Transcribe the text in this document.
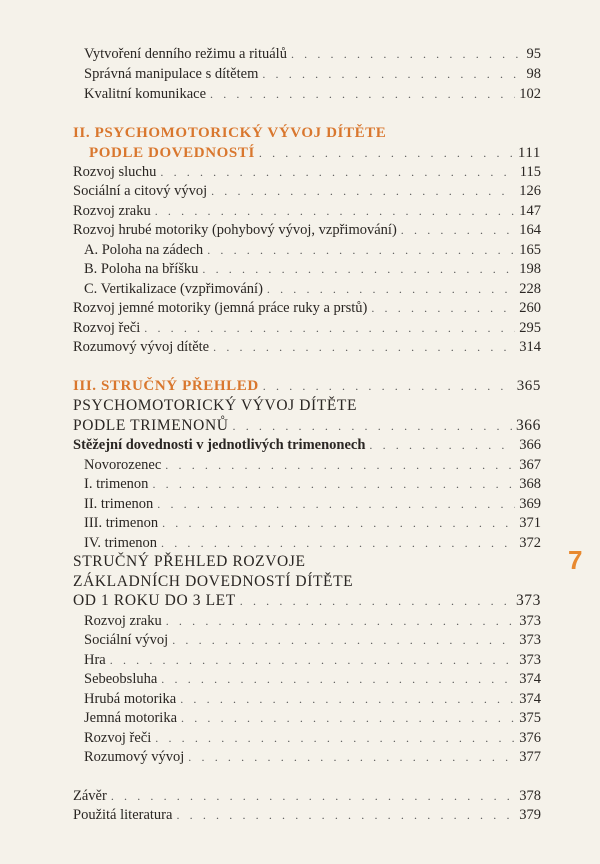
Vytvoření denního režimu a rituálů . . .	95
Správná manipulace s dítětem . . .	98
Kvalitní komunikace . . .	102
II. PSYCHOMOTORICKÝ VÝVOJ DÍTĚTE
PODLE DOVEDNOSTÍ . . .	111
Rozvoj sluchu . . .	115
Sociální a citový vývoj . . .	126
Rozvoj zraku . . .	147
Rozvoj hrubé motoriky (pohybový vývoj, vzpřimování) . . .	164
A. Poloha na zádech . . .	165
B. Poloha na bříšku . . .	198
C. Vertikalizace (vzpřimování) . . .	228
Rozvoj jemné motoriky (jemná práce ruky a prstů) . . .	260
Rozvoj řeči . . .	295
Rozumový vývoj dítěte . . .	314
III. STRUČNÝ PŘEHLED . . .	365
PSYCHOMOTORICKÝ VÝVOJ DÍTĚTE
PODLE TRIMENONŮ . . .	366
Stěžejní dovednosti v jednotlivých trimenonech . . .	366
Novorozenec . . .	367
I. trimenon . . .	368
II. trimenon . . .	369
III. trimenon . . .	371
IV. trimenon . . .	372
STRUČNÝ PŘEHLED ROZVOJE
ZÁKLADNÍCH DOVEDNOSTÍ DÍTĚTE
OD 1 ROKU DO 3 LET . . .	373
Rozvoj zraku . . .	373
Sociální vývoj . . .	373
Hra . . .	373
Sebeobsluha . . .	374
Hrubá motorika . . .	374
Jemná motorika . . .	375
Rozvoj řeči . . .	376
Rozumový vývoj . . .	377
Závěr . . .	378
Použitá literatura . . .	379
7
